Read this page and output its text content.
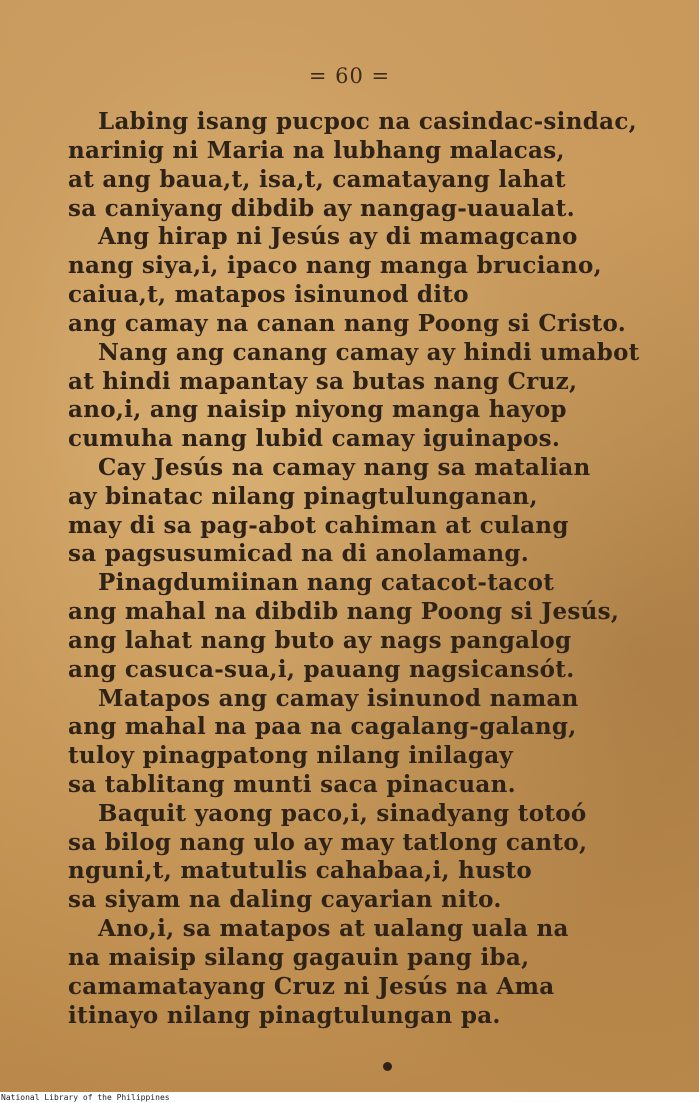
= 60 =
Labing isang pucpoc na casindac-sindac,
narinig ni Maria na lubhang malacas,
at ang baua,t, isa,t, camatayang lahat
sa caniyang dibdib ay nangag-uaualat.
Ang hirap ni Jesús ay di mamagcano
nang siya,i, ipaco nang manga bruciano,
caiua,t, matapos isinunod dito
ang camay na canan nang Poong si Cristo.
Nang ang canang camay ay hindi umabot
at hindi mapantay sa butas nang Cruz,
ano,i, ang naisip niyong manga hayop
cumuha nang lubid camay iguinapos.
Cay Jesús na camay nang sa matalian
ay binatac nilang pinagtulunganan,
may di sa pag-abot cahiman at culang
sa pagsusumicad na di anolamang.
Pinagdumiinan nang catacot-tacot
ang mahal na dibdib nang Poong si Jesús,
ang lahat nang buto ay nags pangalog
ang casuca-sua,i, pauang nagsicansót.
Matapos ang camay isinunod naman
ang mahal na paa na cagalang-galang,
tuloy pinagpatong nilang inilagay
sa tablitang munti saca pinacuan.
Baquit yaong paco,i, sinadyang totoó
sa bilog nang ulo ay may tatlong canto,
nguni,t, matutulis cahabaa,i, husto
sa siyam na daling cayarian nito.
Ano,i, sa matapos at ualang uala na
na maisip silang gagauin pang iba,
camamatayang Cruz ni Jesús na Ama
itinayo nilang pinagtulungan pa.
National Library of the Philippines
